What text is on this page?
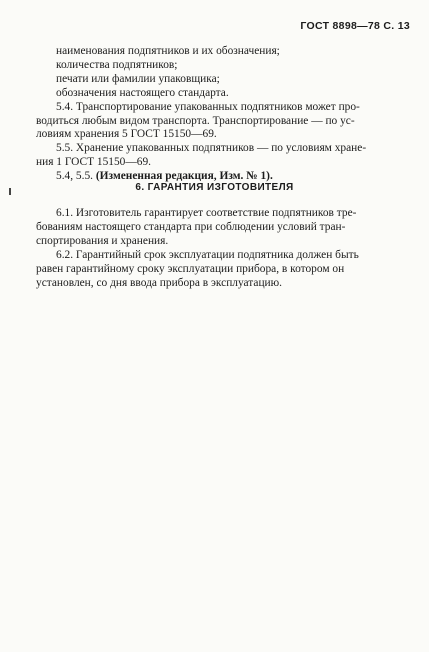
ГОСТ 8898—78 С. 13
наименования подпятников и их обозначения;
количества подпятников;
печати или фамилии упаковщика;
обозначения настоящего стандарта.
5.4. Транспортирование упакованных подпятников может про-
водиться любым видом транспорта. Транспортирование — по ус-
ловиям хранения 5 ГОСТ 15150—69.
5.5. Хранение упакованных подпятников — по условиям хране-
ния 1 ГОСТ 15150—69.
5.4, 5.5. (Измененная редакция, Изм. № 1).
6. ГАРАНТИЯ ИЗГОТОВИТЕЛЯ
6.1. Изготовитель гарантирует соответствие подпятников тре-
бованиям настоящего стандарта при соблюдении условий тран-
спортирования и хранения.
6.2. Гарантийный срок эксплуатации подпятника должен быть
равен гарантийному сроку эксплуатации прибора, в котором он
установлен, со дня ввода прибора в эксплуатацию.
